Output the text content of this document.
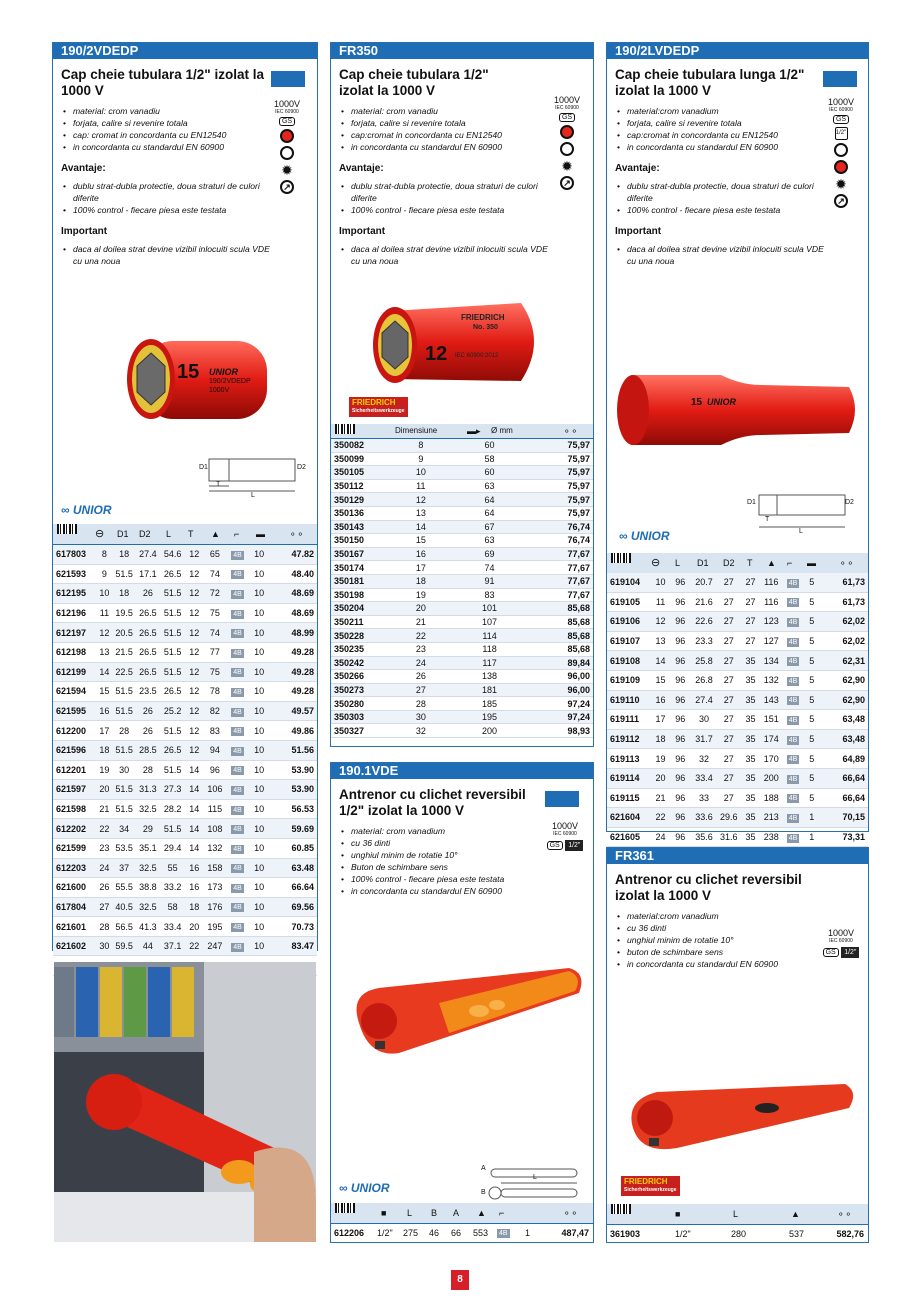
190/2VDEDP
Cap cheie tubulara 1/2" izolat la 1000 V
1000V
IEC 60900
GS
✹
↗
• material: crom vanadiu
• forjata, calire si revenire totala
• cap: cromat in concordanta cu EN12540
• in concordanta cu standardul EN 60900
Avantaje:
• dublu strat-dubla protectie, doua straturi de culori diferite
• 100% control - fiecare piesa este testata
Important
• daca al doilea strat devine vizibil inlocuiti scula VDE cu una noua
15 UNIOR
190/2VDEDP
1000V
D1	D2
T
L
∞ UNIOR
⊖ D1 D2 L T ▲ ⌐ ▬	⚬⚬
617803	8	18	27.4	54.6	12	65	4B	10	47.82
621593	9	51.5	17.1	26.5	12	74	4B	10	48.40
612195	10	18	26	51.5	12	72	4B	10	48.69
612196	11	19.5	26.5	51.5	12	75	4B	10	48.69
612197	12	20.5	26.5	51.5	12	74	4B	10	48.99
612198	13	21.5	26.5	51.5	12	77	4B	10	49.28
612199	14	22.5	26.5	51.5	12	75	4B	10	49.28
621594	15	51.5	23.5	26.5	12	78	4B	10	49.28
621595	16	51.5	26	25.2	12	82	4B	10	49.57
612200	17	28	26	51.5	12	83	4B	10	49.86
621596	18	51.5	28.5	26.5	12	94	4B	10	51.56
612201	19	30	28	51.5	14	96	4B	10	53.90
621597	20	51.5	31.3	27.3	14	106	4B	10	53.90
621598	21	51.5	32.5	28.2	14	115	4B	10	56.53
612202	22	34	29	51.5	14	108	4B	10	59.69
621599	23	53.5	35.1	29.4	14	132	4B	10	60.85
612203	24	37	32.5	55	16	158	4B	10	63.48
621600	26	55.5	38.8	33.2	16	173	4B	10	66.64
617804	27	40.5	32.5	58	18	176	4B	10	69.56
621601	28	56.5	41.3	33.4	20	195	4B	10	70.73
621602	30	59.5	44	37.1	22	247	4B	10	83.47

FR350
Cap cheie tubulara 1/2" izolat la 1000 V
1000V
IEC 60900
GS
✹
↗
• material: crom vanadiu
• forjata, calire si revenire totala
• cap:cromat in concordanta cu EN12540
• in concordanta cu standardul EN 60900
Avantaje:
• dublu strat-dubla protectie, doua straturi de culori diferite
• 100% control - fiecare piesa este testata
Important
• daca al doilea strat devine vizibil inlocuiti scula VDE cu una noua
FRIEDRICH
No. 350
12 IEC 60900:2012
FRIEDRICH
Sicherheitswerkzeuge
Dimensiune	▬▸ Ø mm	⚬⚬
350082	8	60	75,97
350099	9	58	75,97
350105	10	60	75,97
350112	11	63	75,97
350129	12	64	75,97
350136	13	64	75,97
350143	14	67	76,74
350150	15	63	76,74
350167	16	69	77,67
350174	17	74	77,67
350181	18	91	77,67
350198	19	83	77,67
350204	20	101	85,68
350211	21	107	85,68
350228	22	114	85,68
350235	23	118	85,68
350242	24	117	89,84
350266	26	138	96,00
350273	27	181	96,00
350280	28	185	97,24
350303	30	195	97,24
350327	32	200	98,93
190.1VDE
Antrenor cu clichet reversibil 1/2" izolat la 1000 V
1000V
IEC 60900
GS 1/2"
• material: crom vanadium
• cu 36 dinti
• unghiul minim de rotatie 10°
• Buton de schimbare sens
• 100% control - fiecare piesa este testata
• in concordanta cu standardul EN 60900
A
B
L
∞ UNIOR
■ L B A ▲ ⌐	⚬⚬
612206 1/2" 275 46 66 553 4B 1	487,47
190/2LVDEDP
Cap cheie tubulara lunga 1/2" izolat la 1000 V
1000V
IEC 60900
GS
1/2"
✹
↗
• material:crom vanadium
• forjata, calire si revenire totala
• cap:cromat in concordanta cu EN12540
• in concordanta cu standardul EN 60900
Avantaje:
• dublu strat-dubla protectie, doua straturi de culori diferite
• 100% control - fiecare piesa este testata
Important
• daca al doilea strat devine vizibil inlocuiti scula VDE cu una noua
15 UNIOR
D1	D2
T
L
∞ UNIOR
⊖ L D1 D2 T ▲ ⌐ ▬	⚬⚬
619104	10	96	20.7	27	27	116	4B	5	61,73
619105	11	96	21.6	27	27	116	4B	5	61,73
619106	12	96	22.6	27	27	123	4B	5	62,02
619107	13	96	23.3	27	27	127	4B	5	62,02
619108	14	96	25.8	27	35	134	4B	5	62,31
619109	15	96	26.8	27	35	132	4B	5	62,90
619110	16	96	27.4	27	35	143	4B	5	62,90
619111	17	96	30	27	35	151	4B	5	63,48
619112	18	96	31.7	27	35	174	4B	5	63,48
619113	19	96	32	27	35	170	4B	5	64,89
619114	20	96	33.4	27	35	200	4B	5	66,64
619115	21	96	33	27	35	188	4B	5	66,64
621604	22	96	33.6	29.6	35	213	4B	1	70,15
621605	24	96	35.6	31.6	35	238	4B	1	73,31
FR361
Antrenor cu clichet reversibil izolat la 1000 V
1000V
IEC 60900
GS 1/2"
• material:crom vanadium
• cu 36 dinti
• unghiul minim de rotatie 10°
• buton de schimbare sens
• in concordanta cu standardul EN 60900
FRIEDRICH
Sicherheitswerkzeuge
■	L	▲	⚬⚬
361903	1/2"	280	537	582,76
8
